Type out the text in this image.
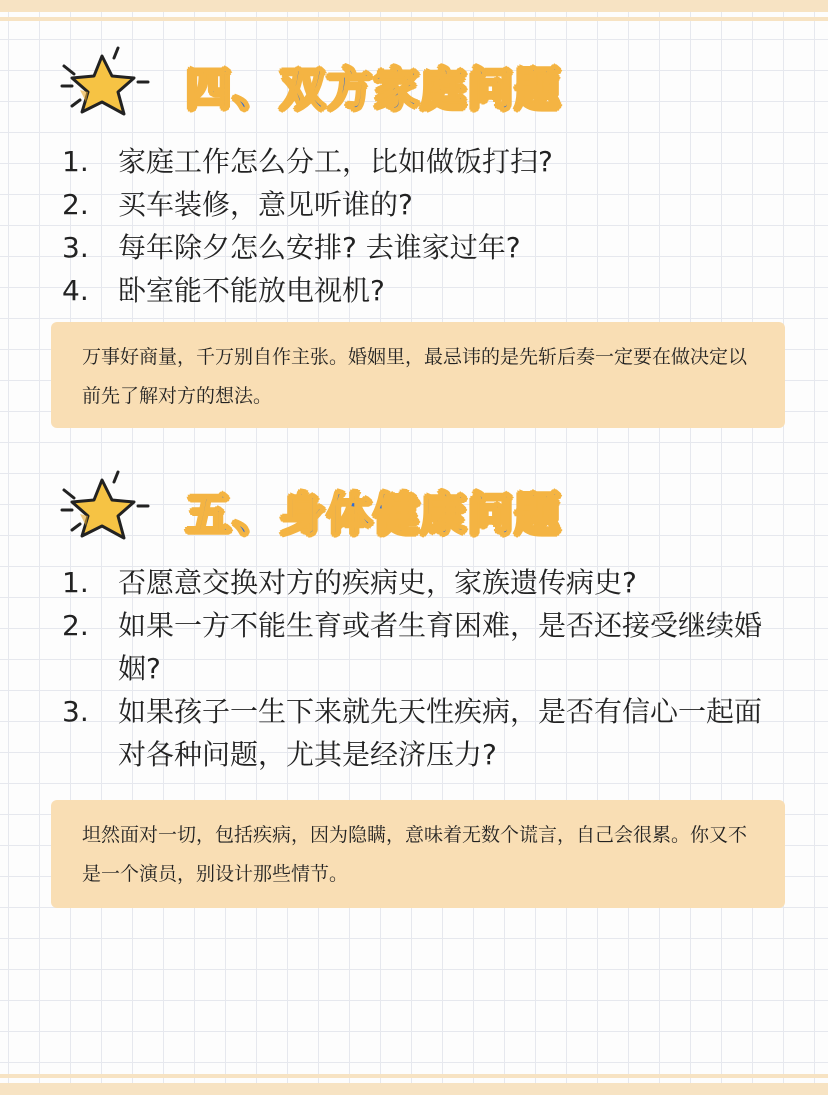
四、双方家庭问题
1. 家庭工作怎么分工，比如做饭打扫?
2. 买车装修，意见听谁的?
3. 每年除夕怎么安排? 去谁家过年?
4. 卧室能不能放电视机?
万事好商量，千万别自作主张。婚姻里，最忌讳的是先斩后奏一定要在做决定以前先了解对方的想法。
五、身体健康问题
1. 否愿意交换对方的疾病史，家族遗传病史?
2. 如果一方不能生育或者生育困难，是否还接受继续婚姻?
3. 如果孩子一生下来就先天性疾病，是否有信心一起面对各种问题，尤其是经济压力?
坦然面对一切，包括疾病，因为隐瞒，意味着无数个谎言，自己会很累。你又不是一个演员，别设计那些情节。
